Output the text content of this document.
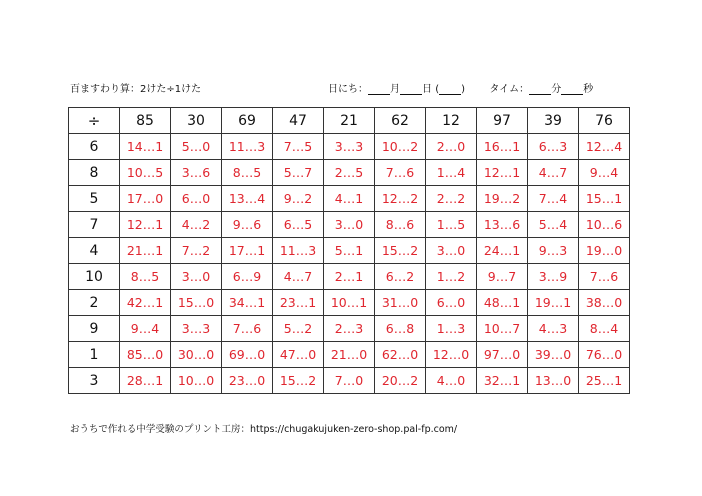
百ますわり算：2けた÷1けた	日にち： 月 日 ( ) タイム： 分 秒
÷	85	30	69	47	21	62	12	97	39	76
6	14…1	5…0	11…3	7…5	3…3	10…2	2…0	16…1	6…3	12…4
8	10…5	3…6	8…5	5…7	2…5	7…6	1…4	12…1	4…7	9…4
5	17…0	6…0	13…4	9…2	4…1	12…2	2…2	19…2	7…4	15…1
7	12…1	4…2	9…6	6…5	3…0	8…6	1…5	13…6	5…4	10…6
4	21…1	7…2	17…1	11…3	5…1	15…2	3…0	24…1	9…3	19…0
10	8…5	3…0	6…9	4…7	2…1	6…2	1…2	9…7	3…9	7…6
2	42…1	15…0	34…1	23…1	10…1	31…0	6…0	48…1	19…1	38…0
9	9…4	3…3	7…6	5…2	2…3	6…8	1…3	10…7	4…3	8…4
1	85…0	30…0	69…0	47…0	21…0	62…0	12…0	97…0	39…0	76…0
3	28…1	10…0	23…0	15…2	7…0	20…2	4…0	32…1	13…0	25…1
おうちで作れる中学受験のプリント工房：https://chugakujuken-zero-shop.pal-fp.com/
